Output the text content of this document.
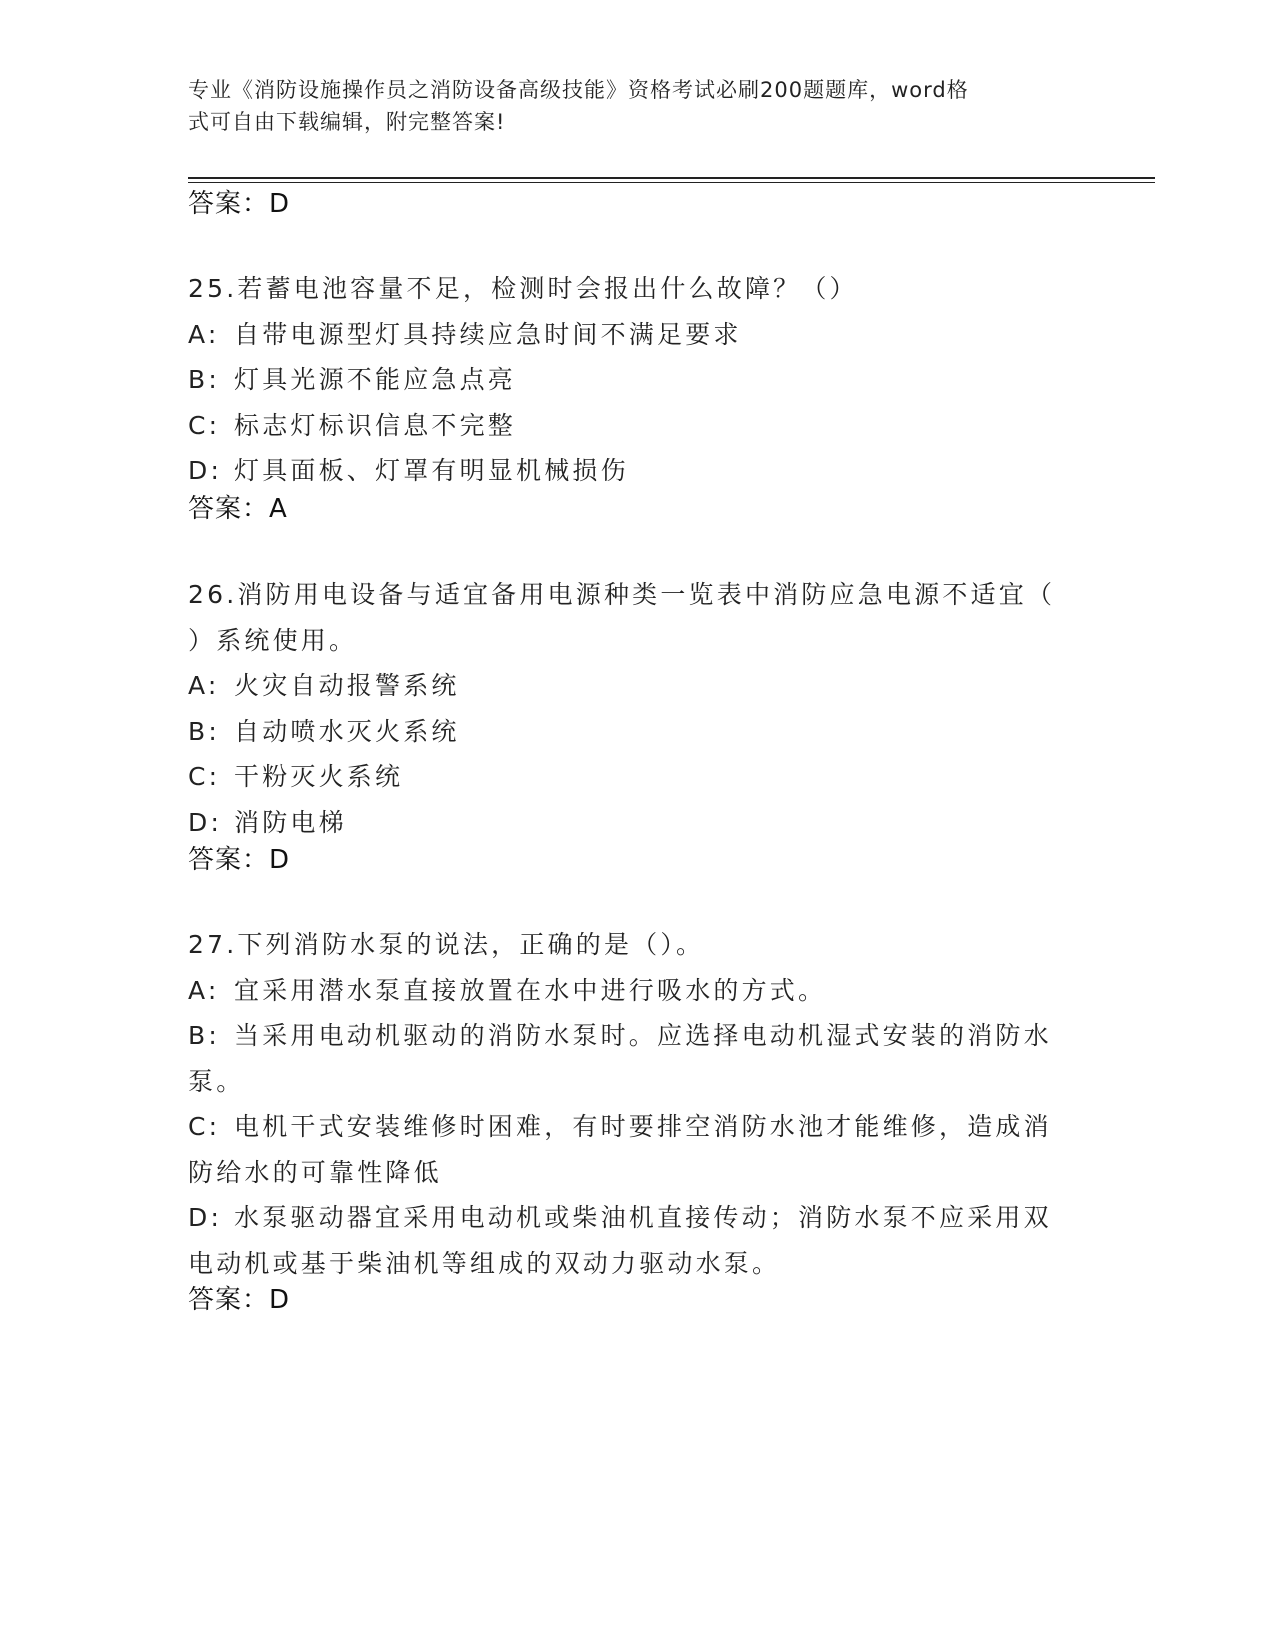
专业《消防设施操作员之消防设备高级技能》资格考试必刷200题题库，word格
式可自由下载编辑，附完整答案!
答案：D
25.若蓄电池容量不足，检测时会报出什么故障？（）
A: 自带电源型灯具持续应急时间不满足要求
B: 灯具光源不能应急点亮
C: 标志灯标识信息不完整
D: 灯具面板、灯罩有明显机械损伤
答案：A
26.消防用电设备与适宜备用电源种类一览表中消防应急电源不适宜（
）系统使用。
A: 火灾自动报警系统
B: 自动喷水灭火系统
C: 干粉灭火系统
D: 消防电梯
答案：D
27.下列消防水泵的说法，正确的是（）。
A: 宜采用潜水泵直接放置在水中进行吸水的方式。
B: 当采用电动机驱动的消防水泵时。应选择电动机湿式安装的消防水
泵。
C: 电机干式安装维修时困难，有时要排空消防水池才能维修，造成消
防给水的可靠性降低
D: 水泵驱动器宜采用电动机或柴油机直接传动；消防水泵不应采用双
电动机或基于柴油机等组成的双动力驱动水泵。
答案：D
